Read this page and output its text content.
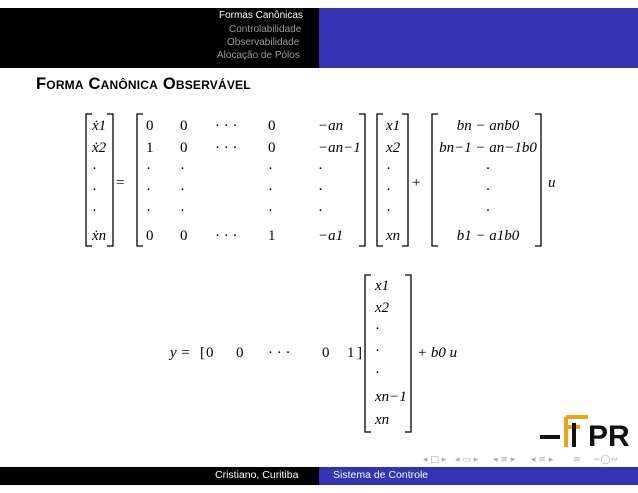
Formas Canônicas
Controlabilidade
Observabilidade
Alocação de Pólos
Forma Canônica Observável
ẋ1
ẋ2
·
·
·
ẋn
=
0 0 · · · 0	−an
1 0 · · · 0	−an−1
· ·	·	·
· ·	·	·
· ·	·	·
0 0 · · · 1	−a1
x1
x2
·
·
·
xn
+
bn − anb0
bn−1 − an−1b0
·
·
·
b1 − a1b0
u
y = [ 0 0 · · · 0 1 ]
x1
x2
·
·
·
xn−1
xn
+ b0 u
PR
◂ □ ▸ ◂ ▭ ▸ ◂ ≡ ▸ ◂ ≡ ▸ ≡ ∽◯∾
Cristiano, Curitiba	Sistema de Controle
